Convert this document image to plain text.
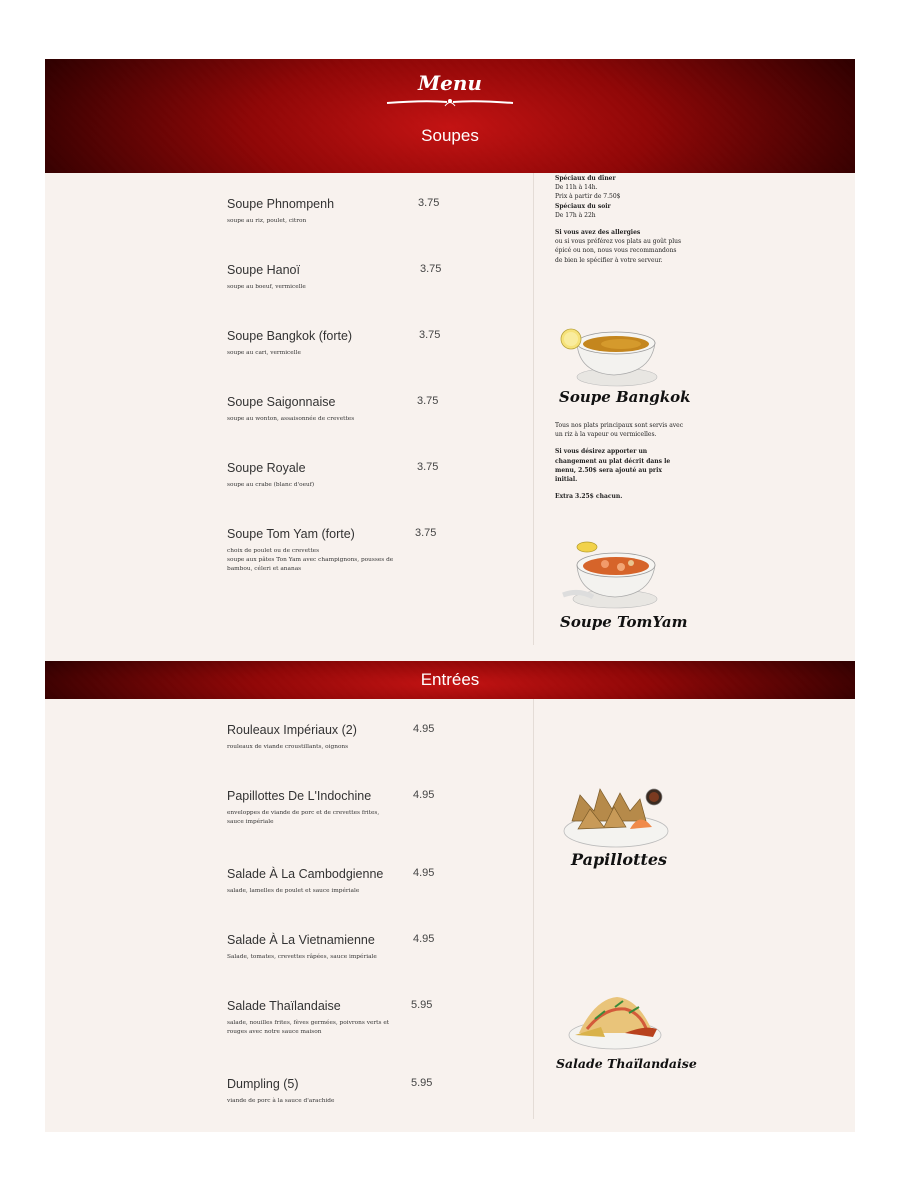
Menu
Soupes
Soupe Phnompenh	3.75
soupe au riz, poulet, citron
Soupe Hanoï	3.75
soupe au boeuf, vermicelle
Soupe Bangkok (forte)	3.75
soupe au cari, vermicelle
Soupe Saigonnaise	3.75
soupe au wonton, assaisonnée de crevettes
Soupe Royale	3.75
soupe au crabe (blanc d'oeuf)
Soupe Tom Yam (forte)	3.75
choix de poulet ou de crevettes
soupe aux pâtes Ton Yam avec champignons, pousses de bambou, céleri et ananas
Spéciaux du dîner
De 11h à 14h.
Prix à partir de 7.50$
Spéciaux du soir
De 17h à 22h
Si vous avez des allergies
ou si vous préférez vos plats au goût plus épicé ou non, nous vous recommandons de bien le spécifier à votre serveur.
Soupe Bangkok
Tous nos plats principaux sont servis avec un riz à la vapeur ou vermicelles.
Si vous désirez apporter un changement au plat décrit dans le menu, 2.50$ sera ajouté au prix initial.
Extra 3.25$ chacun.
Soupe TomYam
Entrées
Rouleaux Impériaux (2)	4.95
rouleaux de viande croustillants, oignons
Papillottes De L'Indochine	4.95
enveloppes de viande de porc et de crevettes frites, sauce impériale
Salade À La Cambodgienne	4.95
salade, lamelles de poulet et sauce impériale
Salade À La Vietnamienne	4.95
Salade, tomates, crevettes râpées, sauce impériale
Salade Thaïlandaise	5.95
salade, nouilles frites, fèves germées, poivrons verts et rouges avec notre sauce maison
Dumpling (5)	5.95
viande de porc à la sauce d'arachide
Papillottes
Salade Thaïlandaise
